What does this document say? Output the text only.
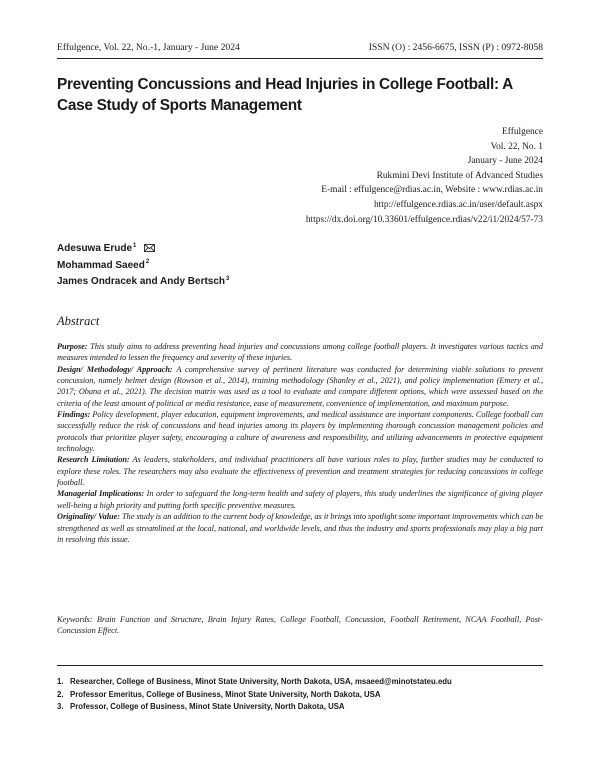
Effulgence, Vol. 22, No.-1, January - June 2024	ISSN (O) : 2456-6675, ISSN (P) : 0972-8058
Preventing Concussions and Head Injuries in College Football: A Case Study of Sports Management
Effulgence
Vol. 22, No. 1
January - June 2024
Rukmini Devi Institute of Advanced Studies
E-mail : effulgence@rdias.ac.in, Website : www.rdias.ac.in
http://effulgence.rdias.ac.in/user/default.aspx
https://dx.doi.org/10.33601/effulgence.rdias/v22/i1/2024/57-73
Adesuwa Erude$^1$
Mohammad Saeed$^2$
James Ondracek and Andy Bertsch$^3$
Abstract

Purpose: This study aims to address preventing head injuries and concussions among college football players. It investigates various tactics and measures intended to lessen the frequency and severity of these injuries.

Design/ Methodology/ Approach: A comprehensive survey of pertinent literature was conducted for determining viable solutions to prevent concussion, namely helmet design (Rowson et al., 2014), training methodology (Shanley et al., 2021), and policy implementation (Emery et al., 2017; Obana et al., 2021). The decision matrix was used as a tool to evaluate and compare different options, which were assessed based on the criteria of the least amount of political or media resistance, ease of measurement, convenience of implementation, and maximum purpose.

Findings: Policy development, player education, equipment improvements, and medical assistance are important components. College football can successfully reduce the risk of concussions and head injuries among its players by implementing thorough concussion management policies and protocols that prioritize player safety, encouraging a culture of awareness and responsibility, and utilizing advancements in protective equipment technology.

Research Limitation: As leaders, stakeholders, and individual practitioners all have various roles to play, further studies may be conducted to explore these roles. The researchers may also evaluate the effectiveness of prevention and treatment strategies for reducing concussions in college football.

Managerial Implications: In order to safeguard the long-term health and safety of players, this study underlines the significance of giving player well-being a high priority and putting forth specific preventive measures.

Originality/ Value: The study is an addition to the current body of knowledge, as it brings into spotlight some important improvements which can be strengthened as well as streamlined at the local, national, and worldwide levels, and thus the industry and sports professionals may play a big part in resolving this issue.

Keywords: Brain Function and Structure, Brain Injury Rates, College Football, Concussion, Football Retirement, NCAA Football, Post-Concussion Effect.
1. Researcher, College of Business, Minot State University, North Dakota, USA, msaeed@minotstateu.edu
2. Professor Emeritus, College of Business, Minot State University, North Dakota, USA
3. Professor, College of Business, Minot State University, North Dakota, USA
